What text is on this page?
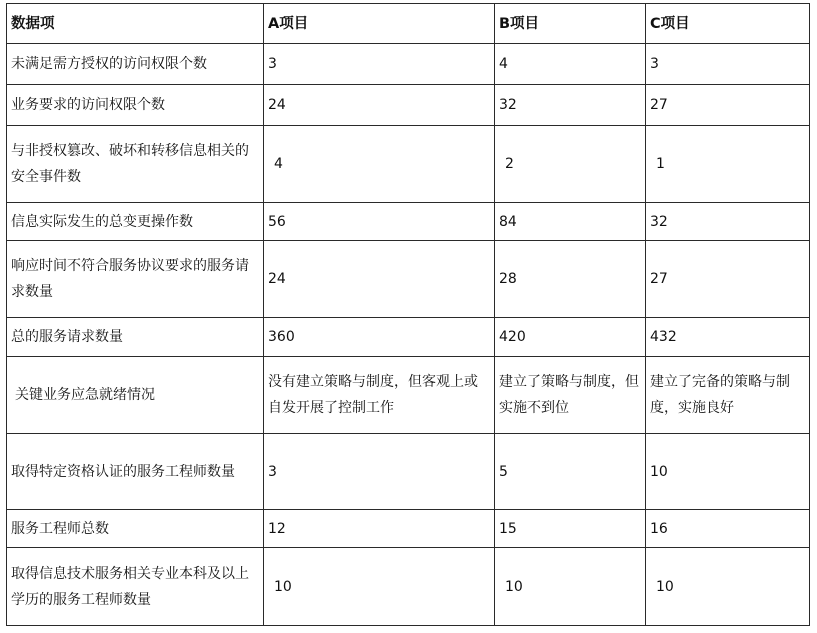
数据项	A项目	B项目	C项目
未满足需方授权的访问权限个数	3	4	3
业务要求的访问权限个数	24	32	27
与非授权篡改、破坏和转移信息相关的安全事件数	4	2	1
信息实际发生的总变更操作数	56	84	32
响应时间不符合服务协议要求的服务请求数量	24	28	27
总的服务请求数量	360	420	432
关键业务应急就绪情况	没有建立策略与制度，但客观上或自发开展了控制工作	建立了策略与制度，但实施不到位	建立了完备的策略与制度，实施良好
取得特定资格认证的服务工程师数量	3	5	10
服务工程师总数	12	15	16
取得信息技术服务相关专业本科及以上学历的服务工程师数量	10	10	10
